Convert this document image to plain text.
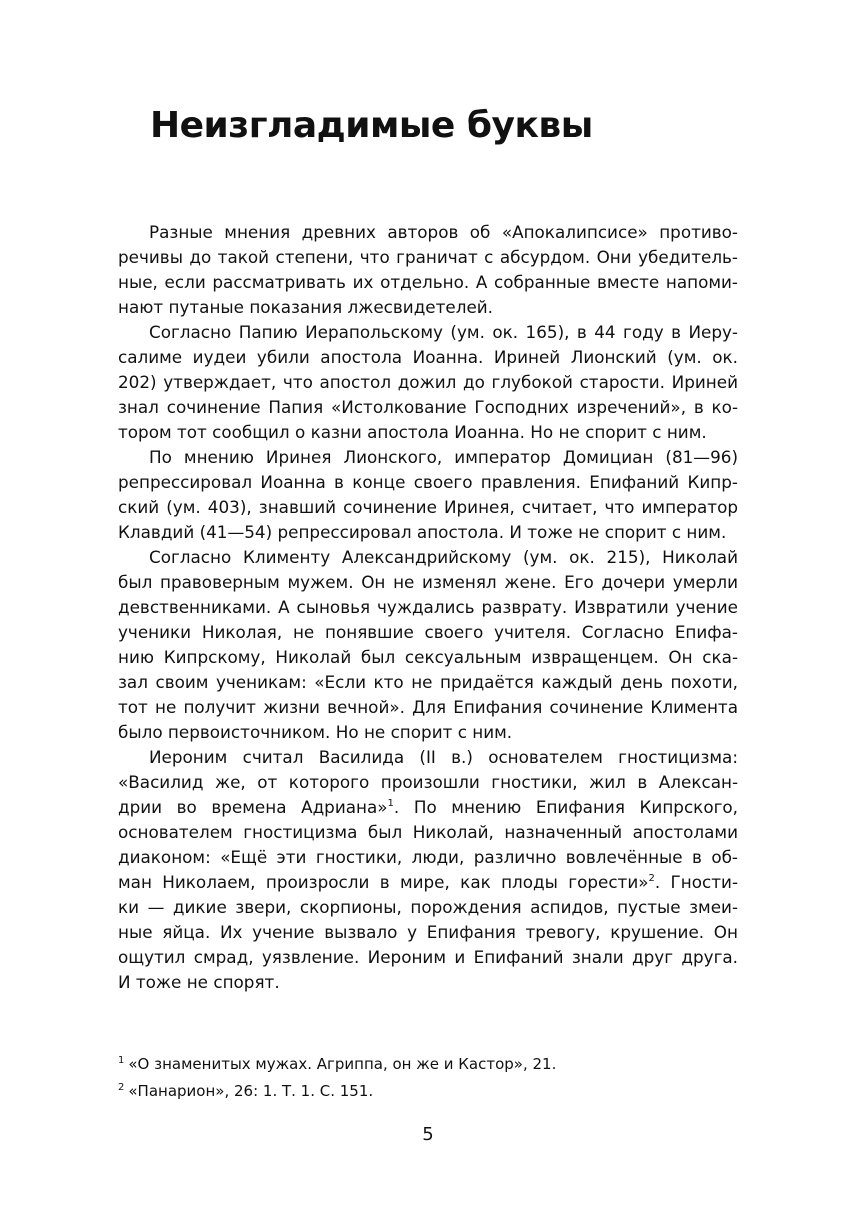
Неизгладимые буквы
Разные мнения древних авторов об «Апокалипсисе» противо-
речивы до такой степени, что граничат с абсурдом. Они убедитель-
ные, если рассматривать их отдельно. А собранные вместе напоми-
нают путаные показания лжесвидетелей.
Согласно Папию Иерапольскому (ум. ок. 165), в 44 году в Иеру-
салиме иудеи убили апостола Иоанна. Ириней Лионский (ум. ок.
202) утверждает, что апостол дожил до глубокой старости. Ириней
знал сочинение Папия «Истолкование Господних изречений», в ко-
тором тот сообщил о казни апостола Иоанна. Но не спорит с ним.
По мнению Иринея Лионского, император Домициан (81—96)
репрессировал Иоанна в конце своего правления. Епифаний Кипр-
ский (ум. 403), знавший сочинение Иринея, считает, что император
Клавдий (41—54) репрессировал апостола. И тоже не спорит с ним.
Согласно Клименту Александрийскому (ум. ок. 215), Николай
был правоверным мужем. Он не изменял жене. Его дочери умерли
девственниками. А сыновья чуждались разврату. Извратили учение
ученики Николая, не понявшие своего учителя. Согласно Епифа-
нию Кипрскому, Николай был сексуальным извращенцем. Он ска-
зал своим ученикам: «Если кто не придаётся каждый день похоти,
тот не получит жизни вечной». Для Епифания сочинение Климента
было первоисточником. Но не спорит с ним.
Иероним считал Василида (II в.) основателем гностицизма:
«Василид же, от которого произошли гностики, жил в Алексан-
дрии во времена Адриана»$^1$. По мнению Епифания Кипрского,
основателем гностицизма был Николай, назначенный апостолами
диаконом: «Ещё эти гностики, люди, различно вовлечённые в об-
ман Николаем, произросли в мире, как плоды горести»$^2$. Гности-
ки — дикие звери, скорпионы, порождения аспидов, пустые змеи-
ные яйца. Их учение вызвало у Епифания тревогу, крушение. Он
ощутил смрад, уязвление. Иероним и Епифаний знали друг друга.
И тоже не спорят.
$^1$ «О знаменитых мужах. Агриппа, он же и Кастор», 21.
$^2$ «Панарион», 26: 1. Т. 1. С. 151.
5
